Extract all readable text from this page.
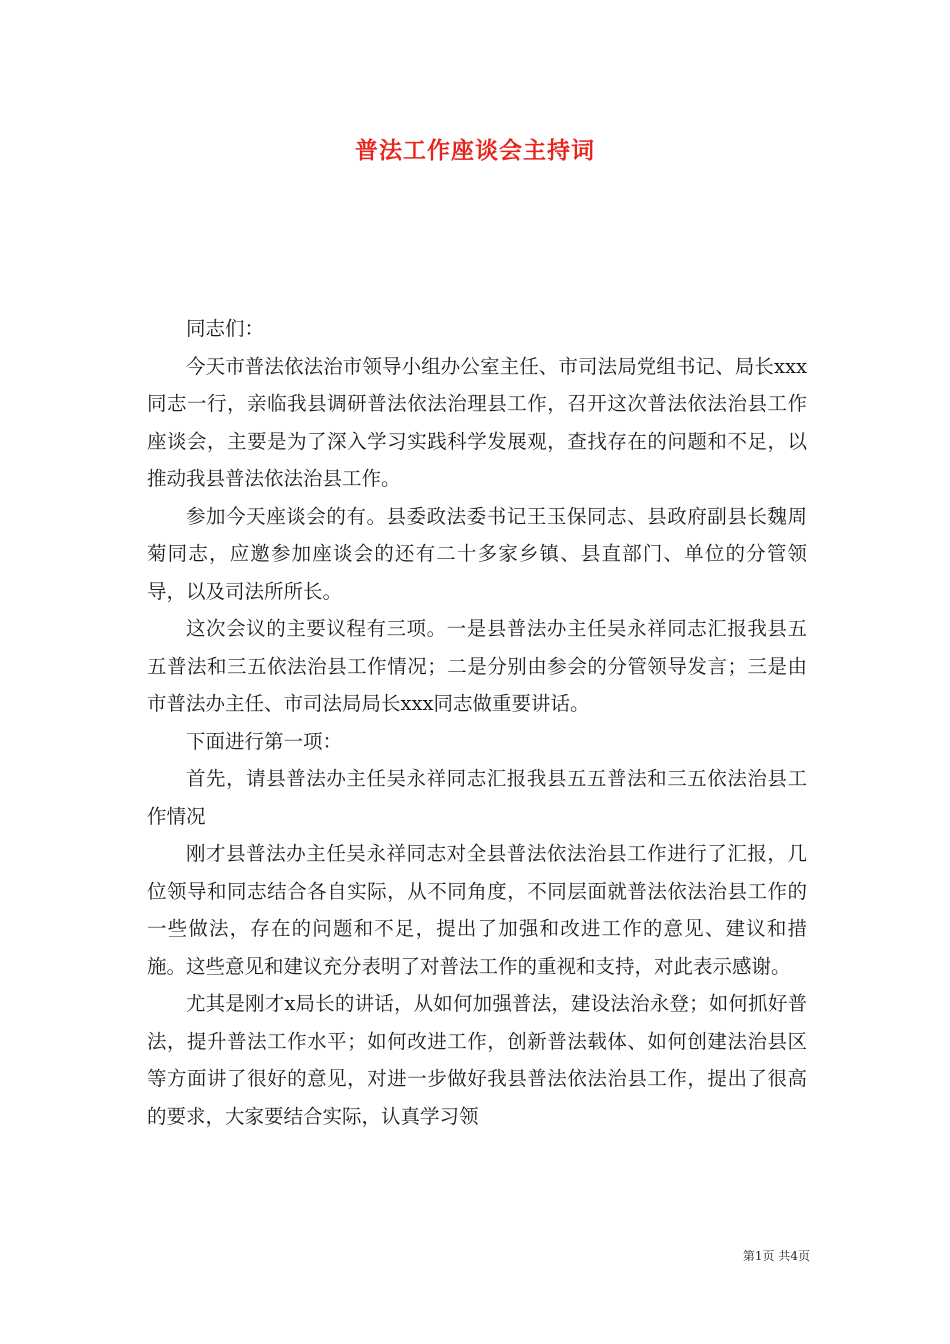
普法工作座谈会主持词

同志们：

今天市普法依法治市领导小组办公室主任、市司法局党组书记、局长xxx同志一行，亲临我县调研普法依法治理县工作，召开这次普法依法治县工作座谈会，主要是为了深入学习实践科学发展观，查找存在的问题和不足，以推动我县普法依法治县工作。

参加今天座谈会的有。县委政法委书记王玉保同志、县政府副县长魏周菊同志，应邀参加座谈会的还有二十多家乡镇、县直部门、单位的分管领导，以及司法所所长。

这次会议的主要议程有三项。一是县普法办主任吴永祥同志汇报我县五五普法和三五依法治县工作情况；二是分别由参会的分管领导发言；三是由市普法办主任、市司法局局长xxx同志做重要讲话。

下面进行第一项：

首先，请县普法办主任吴永祥同志汇报我县五五普法和三五依法治县工作情况

刚才县普法办主任吴永祥同志对全县普法依法治县工作进行了汇报，几位领导和同志结合各自实际，从不同角度，不同层面就普法依法治县工作的一些做法，存在的问题和不足，提出了加强和改进工作的意见、建议和措施。这些意见和建议充分表明了对普法工作的重视和支持，对此表示感谢。

尤其是刚才x局长的讲话，从如何加强普法，建设法治永登；如何抓好普法，提升普法工作水平；如何改进工作，创新普法载体、如何创建法治县区等方面讲了很好的意见，对进一步做好我县普法依法治县工作，提出了很高的要求，大家要结合实际，认真学习领

第1页 共4页
